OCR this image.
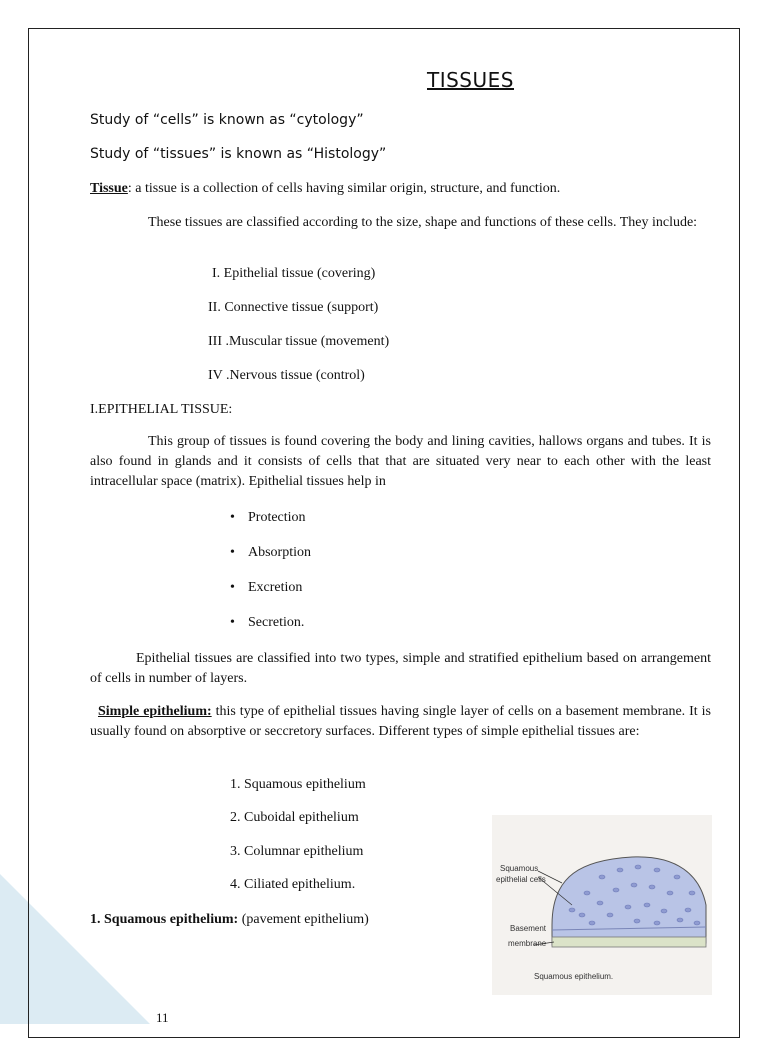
TISSUES
Study of “cells” is known as “cytology”
Study of “tissues” is known as “Histology”
Tissue: a tissue is a collection of cells having similar origin, structure, and function.
These tissues are classified according to the size, shape and functions of these cells. They include:
I. Epithelial tissue (covering)
II. Connective tissue (support)
III .Muscular tissue (movement)
IV .Nervous tissue (control)
I.EPITHELIAL TISSUE:
This group of tissues is found covering the body and lining cavities, hallows organs and tubes. It is also found in glands and it consists of cells that that are situated very near to each other with the least intracellular space (matrix). Epithelial tissues help in
• Protection
• Absorption
• Excretion
• Secretion.
Epithelial tissues are classified into two types, simple and stratified epithelium based on arrangement of cells in number of layers.
Simple epithelium: this type of epithelial tissues having single layer of cells on a basement membrane. It is usually found on absorptive or seccretory surfaces. Different types of simple epithelial tissues are:
1. Squamous epithelium
2. Cuboidal epithelium
3. Columnar epithelium
4. Ciliated epithelium.
1. Squamous epithelium: (pavement epithelium)
Squamous
epithelial cells
Basement
membrane
Squamous epithelium.
11
